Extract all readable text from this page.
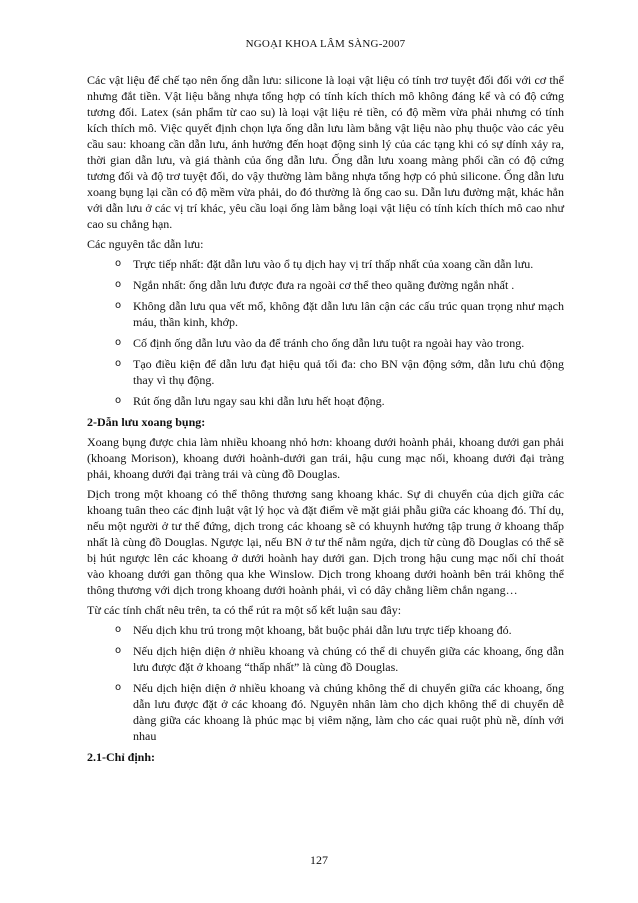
NGOẠI KHOA LÂM SÀNG-2007

Các vật liệu để chế tạo nên ống dẫn lưu: silicone là loại vật liệu có tính trơ tuyệt đối đối với cơ thể nhưng đắt tiền. Vật liệu bằng nhựa tổng hợp có tính kích thích mô không đáng kể và có độ cứng tương đối. Latex (sản phẩm từ cao su) là loại vật liệu rẻ tiền, có độ mềm vừa phải nhưng có tính kích thích mô. Việc quyết định chọn lựa ống dẫn lưu làm bằng vật liệu nào phụ thuộc vào các yêu cầu sau: khoang cần dẫn lưu, ánh hưởng đến hoạt động sinh lý của các tạng khi có sự dính xảy ra, thời gian dẫn lưu, và giá thành của ống dẫn lưu. Ống dẫn lưu xoang màng phổi cần có độ cứng tương đối và độ trơ tuyệt đối, do vậy thường làm bằng nhựa tổng hợp có phủ silicone. Ống dẫn lưu xoang bụng lại cần có độ mềm vừa phải, do đó thường là ống cao su. Dẫn lưu đường mật, khác hẳn với dẫn lưu ở các vị trí khác, yêu cầu loại ống làm bằng loại vật liệu có tính kích thích mô cao như cao su chẳng hạn.

Các nguyên tắc dẫn lưu:

o Trực tiếp nhất: đặt dẫn lưu vào ổ tụ dịch hay vị trí thấp nhất của xoang cần dẫn lưu.
o Ngắn nhất: ống dẫn lưu được đưa ra ngoài cơ thể theo quãng đường ngắn nhất .
o Không dẫn lưu qua vết mổ, không đặt dẫn lưu lân cận các cấu trúc quan trọng như mạch máu, thần kinh, khớp.
o Cố định ống dẫn lưu vào da để tránh cho ống dẫn lưu tuột ra ngoài hay vào trong.
o Tạo điều kiện để dẫn lưu đạt hiệu quả tối đa: cho BN vận động sớm, dẫn lưu chủ động thay vì thụ động.
o Rút ống dẫn lưu ngay sau khi dẫn lưu hết hoạt động.
2-Dẫn lưu xoang bụng:

Xoang bụng được chia làm nhiều khoang nhỏ hơn: khoang dưới hoành phải, khoang dưới gan phải (khoang Morison), khoang dưới hoành-dưới gan trái, hậu cung mạc nối, khoang dưới đại tràng phải, khoang dưới đại tràng trái và cùng đồ Douglas.

Dịch trong một khoang có thể thông thương sang khoang khác. Sự di chuyển của dịch giữa các khoang tuân theo các định luật vật lý học và đặt điểm về mặt giải phẫu giữa các khoang đó. Thí dụ, nếu một người ở tư thế đứng, dịch trong các khoang sẽ có khuynh hướng tập trung ở khoang thấp nhất là cùng đồ Douglas. Ngược lại, nếu BN ở tư thế nằm ngửa, dịch từ cùng đồ Douglas có thể sẽ bị hút ngược lên các khoang ở dưới hoành hay dưới gan. Dịch trong hậu cung mạc nối chỉ thoát vào khoang dưới gan thông qua khe Winslow. Dịch trong khoang dưới hoành bên trái không thể thông thương với dịch trong khoang dưới hoành phải, vì có dây chằng liềm chắn ngang…

Từ các tính chất nêu trên, ta có thể rút ra một số kết luận sau đây:

o Nếu dịch khu trú trong một khoang, bắt buộc phải dẫn lưu trực tiếp khoang đó.
o Nếu dịch hiện diện ở nhiều khoang và chúng có thể di chuyển giữa các khoang, ống dẫn lưu được đặt ở khoang “thấp nhất” là cùng đồ Douglas.
o Nếu dịch hiện diện ở nhiều khoang và chúng không thể di chuyển giữa các khoang, ống dẫn lưu được đặt ở các khoang đó. Nguyên nhân làm cho dịch không thể di chuyển dễ dàng giữa các khoang là phúc mạc bị viêm nặng, làm cho các quai ruột phù nề, dính với nhau
2.1-Chỉ định:
127
